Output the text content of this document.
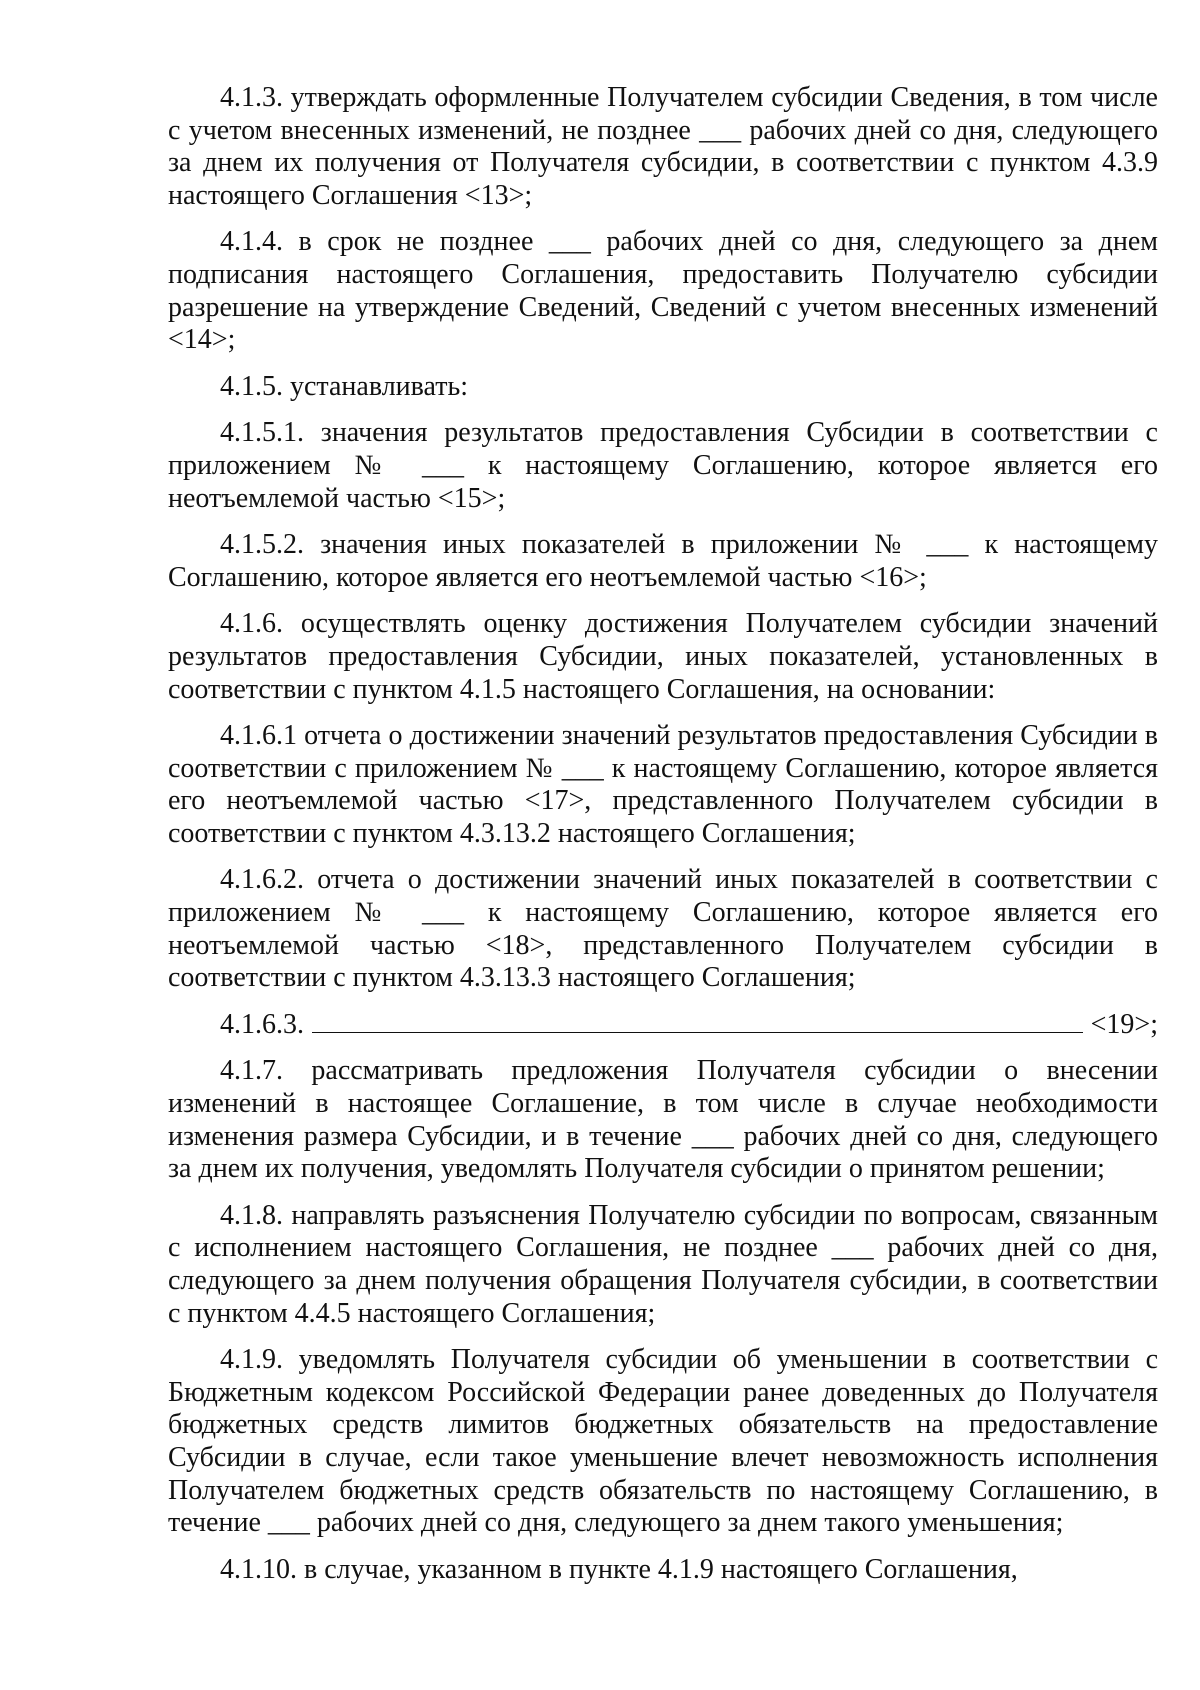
4.1.3. утверждать оформленные Получателем субсидии Сведения, в том числе с учетом внесенных изменений, не позднее ___ рабочих дней со дня, следующего за днем их получения от Получателя субсидии, в соответствии с пунктом 4.3.9 настоящего Соглашения <13>;

4.1.4. в срок не позднее ___ рабочих дней со дня, следующего за днем подписания настоящего Соглашения, предоставить Получателю субсидии разрешение на утверждение Сведений, Сведений с учетом внесенных изменений <14>;

4.1.5. устанавливать:

4.1.5.1. значения результатов предоставления Субсидии в соответствии с приложением № ___ к настоящему Соглашению, которое является его неотъемлемой частью <15>;

4.1.5.2. значения иных показателей в приложении № ___ к настоящему Соглашению, которое является его неотъемлемой частью <16>;

4.1.6. осуществлять оценку достижения Получателем субсидии значений результатов предоставления Субсидии, иных показателей, установленных в соответствии с пунктом 4.1.5 настоящего Соглашения, на основании:

4.1.6.1 отчета о достижении значений результатов предоставления Субсидии в соответствии с приложением № ___ к настоящему Соглашению, которое является его неотъемлемой частью <17>, представленного Получателем субсидии в соответствии с пунктом 4.3.13.2 настоящего Соглашения;

4.1.6.2. отчета о достижении значений иных показателей в соответствии с приложением № ___ к настоящему Соглашению, которое является его неотъемлемой частью <18>, представленного Получателем субсидии в соответствии с пунктом 4.3.13.3 настоящего Соглашения;

4.1.6.3.	<19>;

4.1.7. рассматривать предложения Получателя субсидии о внесении изменений в настоящее Соглашение, в том числе в случае необходимости изменения размера Субсидии, и в течение ___ рабочих дней со дня, следующего за днем их получения, уведомлять Получателя субсидии о принятом решении;

4.1.8. направлять разъяснения Получателю субсидии по вопросам, связанным с исполнением настоящего Соглашения, не позднее ___ рабочих дней со дня, следующего за днем получения обращения Получателя субсидии, в соответствии с пунктом 4.4.5 настоящего Соглашения;

4.1.9. уведомлять Получателя субсидии об уменьшении в соответствии с Бюджетным кодексом Российской Федерации ранее доведенных до Получателя бюджетных средств лимитов бюджетных обязательств на предоставление Субсидии в случае, если такое уменьшение влечет невозможность исполнения Получателем бюджетных средств обязательств по настоящему Соглашению, в течение ___ рабочих дней со дня, следующего за днем такого уменьшения;

4.1.10. в случае, указанном в пункте 4.1.9 настоящего Соглашения,
